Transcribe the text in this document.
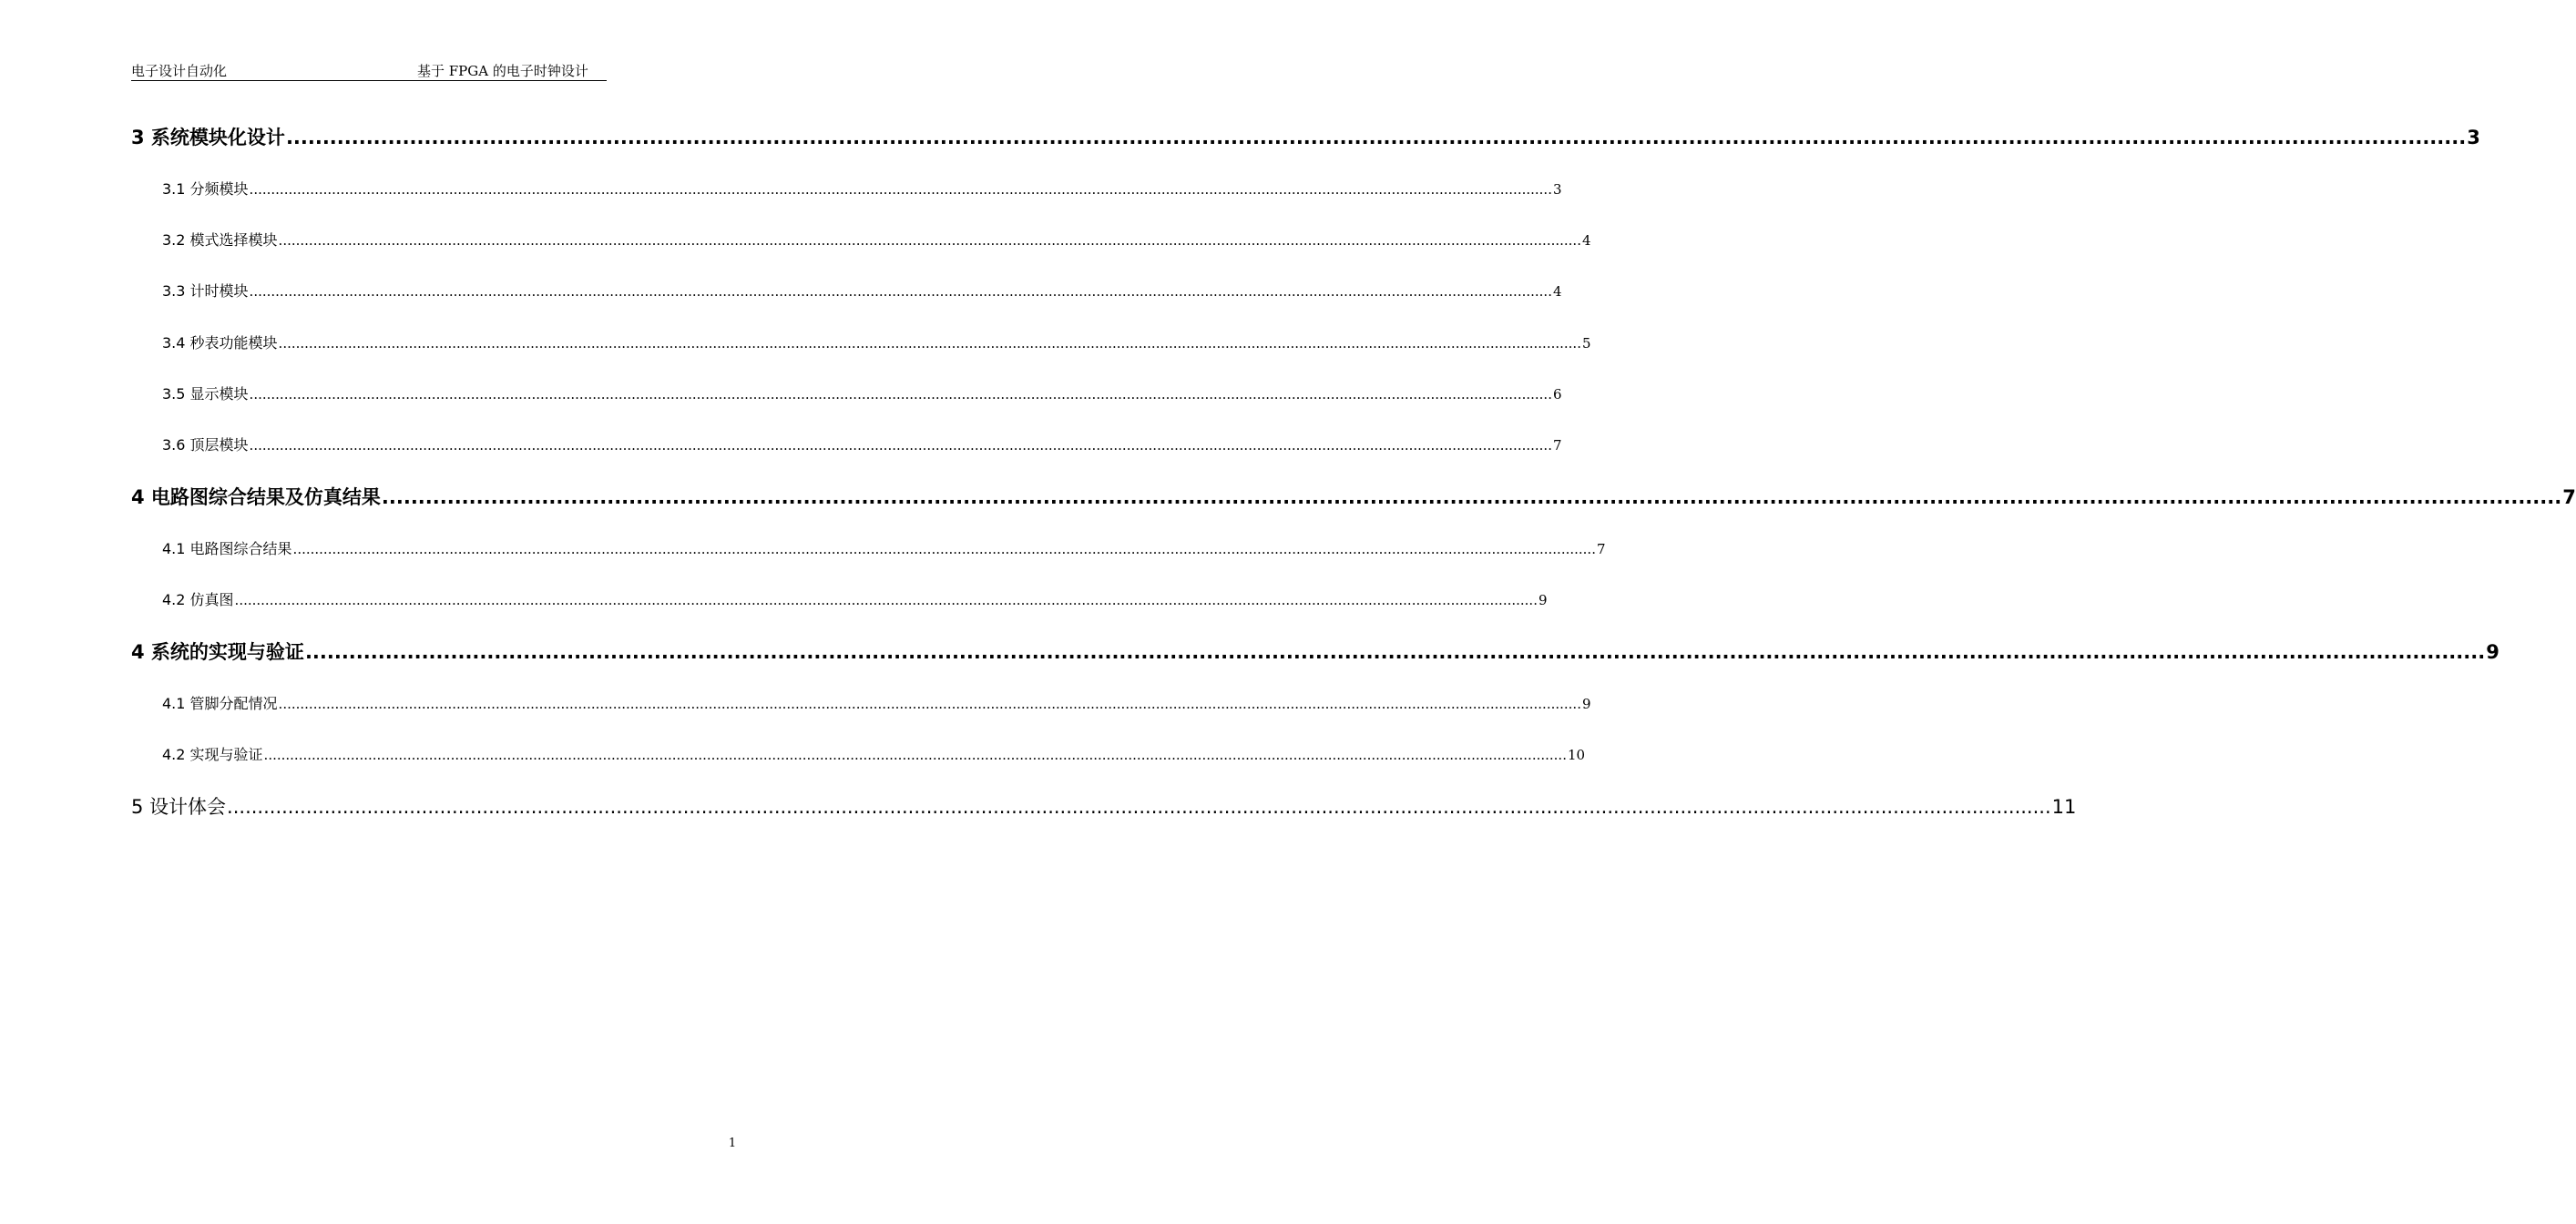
电子设计自动化	基于 FPGA 的电子时钟设计
3 系统模块化设计 ............................................................................................................................................................................................................................................................................................................ 3
3.1 分频模块 ............................................................................................................................................................................................................................................................................................................ 3
3.2 模式选择模块 ............................................................................................................................................................................................................................................................................................................ 4
3.3 计时模块 ............................................................................................................................................................................................................................................................................................................ 4
3.4 秒表功能模块 ............................................................................................................................................................................................................................................................................................................ 5
3.5 显示模块 ............................................................................................................................................................................................................................................................................................................ 6
3.6 顶层模块 ............................................................................................................................................................................................................................................................................................................ 7
4 电路图综合结果及仿真结果 ............................................................................................................................................................................................................................................................................................................ 7
4.1 电路图综合结果 ............................................................................................................................................................................................................................................................................................................ 7
4.2 仿真图 ............................................................................................................................................................................................................................................................................................................ 9
4 系统的实现与验证 ............................................................................................................................................................................................................................................................................................................ 9
4.1 管脚分配情况 ............................................................................................................................................................................................................................................................................................................ 9
4.2 实现与验证 ............................................................................................................................................................................................................................................................................................................ 10
5 设计体会 ............................................................................................................................................................................................................................................................................................................ 11
1
